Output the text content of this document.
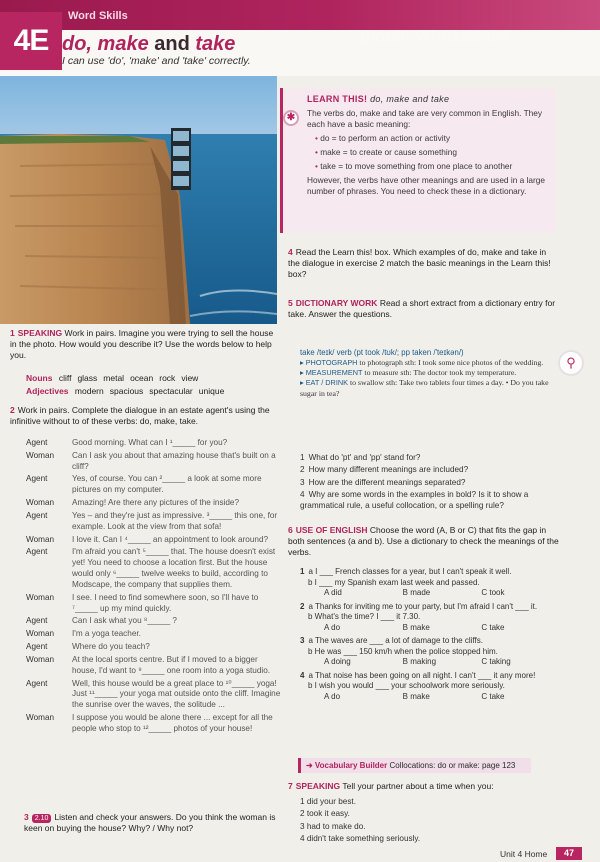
4E
Word Skills
global Whiteboard
do, make and take
I can use 'do', 'make' and 'take' correctly.
LEARN THIS! do, make and take
The verbs do, make and take are very common in English. They each have a basic meaning:
• do = to perform an action or activity
• make = to create or cause something
• take = to move something from one place to another
However, the verbs have other meanings and are used in a large number of phrases. You need to check these in a dictionary.
✱
4 Read the Learn this! box. Which examples of do, make and take in the dialogue in exercise 2 match the basic meanings in the Learn this! box?
5 DICTIONARY WORK Read a short extract from a dictionary entry for take. Answer the questions.
take /teɪk/ verb (pt took /tʊk/; pp taken /'teɪkən/)
▸ PHOTOGRAPH to photograph sth: I took some nice photos of the wedding.
▸ MEASUREMENT to measure sth: The doctor took my temperature.
▸ EAT / DRINK to swallow sth: Take two tablets four times a day. • Do you take sugar in tea?
⚲
1 What do 'pt' and 'pp' stand for?
2 How many different meanings are included?
3 How are the different meanings separated?
4 Why are some words in the examples in bold? Is it to show a grammatical rule, a useful collocation, or a spelling rule?
6 USE OF ENGLISH Choose the word (A, B or C) that fits the gap in both sentences (a and b). Use a dictionary to check the meanings of the verbs.
1 a I ___ French classes for a year, but I can't speak it well.
b I ___ my Spanish exam last week and passed.
A did	B made	C took
2 a Thanks for inviting me to your party, but I'm afraid I can't ___ it.
b What's the time? I ___ it 7.30.
A do	B make	C take
3 a The waves are ___ a lot of damage to the cliffs.
b He was ___ 150 km/h when the police stopped him.
A doing	B making	C taking
4 a That noise has been going on all night. I can't ___ it any more!
b I wish you would ___ your schoolwork more seriously.
A do	B make	C take
➜ Vocabulary Builder Collocations: do or make: page 123
7 SPEAKING Tell your partner about a time when you:
1 did your best.
2 took it easy.
3 had to make do.
4 didn't take something seriously.
1 SPEAKING Work in pairs. Imagine you were trying to sell the house in the photo. How would you describe it? Use the words below to help you.
Nouns cliff glass metal ocean rock view
Adjectives modern spacious spectacular unique
2 Work in pairs. Complete the dialogue in an estate agent's using the infinitive without to of these verbs: do, make, take.
Agent	Good morning. What can I ¹_____ for you?
Woman	Can I ask you about that amazing house that's built on a cliff?
Agent	Yes, of course. You can ²_____ a look at some more pictures on my computer.
Woman	Amazing! Are there any pictures of the inside?
Agent	Yes – and they're just as impressive. ³_____ this one, for example. Look at the view from that sofa!
Woman	I love it. Can I ⁴_____ an appointment to look around?
Agent	I'm afraid you can't ⁵_____ that. The house doesn't exist yet! You need to choose a location first. But the house would only ⁶_____ twelve weeks to build, according to Modscape, the company that supplies them.
Woman	I see. I need to find somewhere soon, so I'll have to ⁷_____ up my mind quickly.
Agent	Can I ask what you ⁸_____ ?
Woman	I'm a yoga teacher.
Agent	Where do you teach?
Woman	At the local sports centre. But if I moved to a bigger house, I'd want to ⁹_____ one room into a yoga studio.
Agent	Well, this house would be a great place to ¹⁰_____ yoga! Just ¹¹_____ your yoga mat outside onto the cliff. Imagine the sunrise over the waves, the solitude ...
Woman	I suppose you would be alone there ... except for all the people who stop to ¹²_____ photos of your house!
3 2.10 Listen and check your answers. Do you think the woman is keen on buying the house? Why? / Why not?
Unit 4 Home	47
